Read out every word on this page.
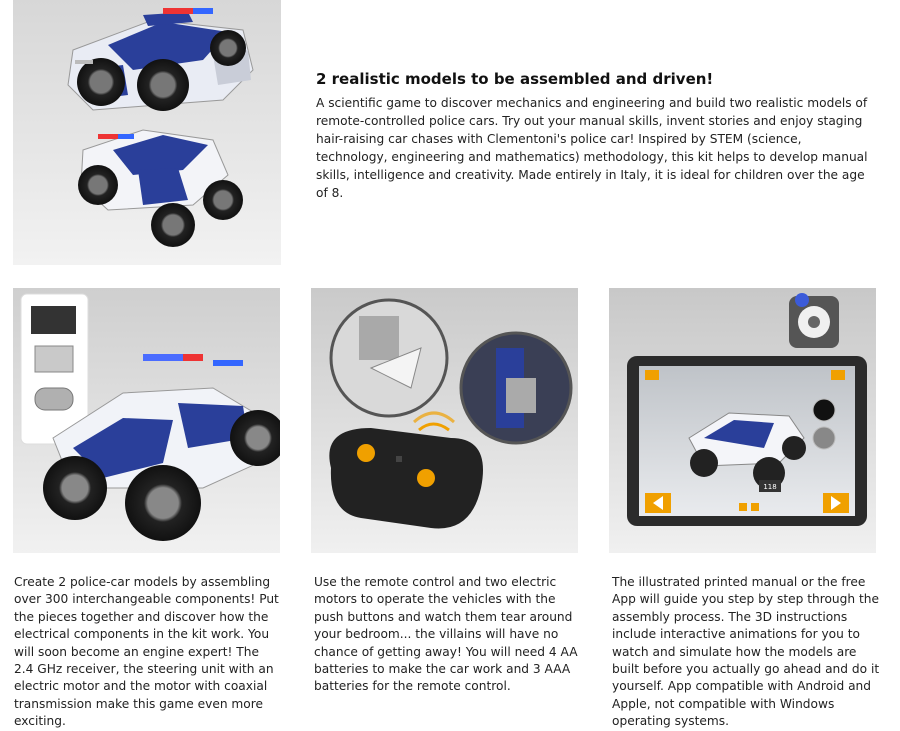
2 realistic models to be assembled and driven!

A scientific game to discover mechanics and engineering and build two realistic models of remote-controlled police cars. Try out your manual skills, invent stories and enjoy staging hair-raising car chases with Clementoni's police car! Inspired by STEM (science, technology, engineering and mathematics) methodology, this kit helps to develop manual skills, intelligence and creativity. Made entirely in Italy, it is ideal for children over the age of 8.

118

Create 2 police-car models by assembling over 300 interchangeable components! Put the pieces together and discover how the electrical components in the kit work. You will soon become an engine expert! The 2.4 GHz receiver, the steering unit with an electric motor and the motor with coaxial transmission make this game even more exciting.

Use the remote control and two electric motors to operate the vehicles with the push buttons and watch them tear around your bedroom... the villains will have no chance of getting away! You will need 4 AA batteries to make the car work and 3 AAA batteries for the remote control.

The illustrated printed manual or the free App will guide you step by step through the assembly process. The 3D instructions include interactive animations for you to watch and simulate how the models are built before you actually go ahead and do it yourself. App compatible with Android and Apple, not compatible with Windows operating systems.
